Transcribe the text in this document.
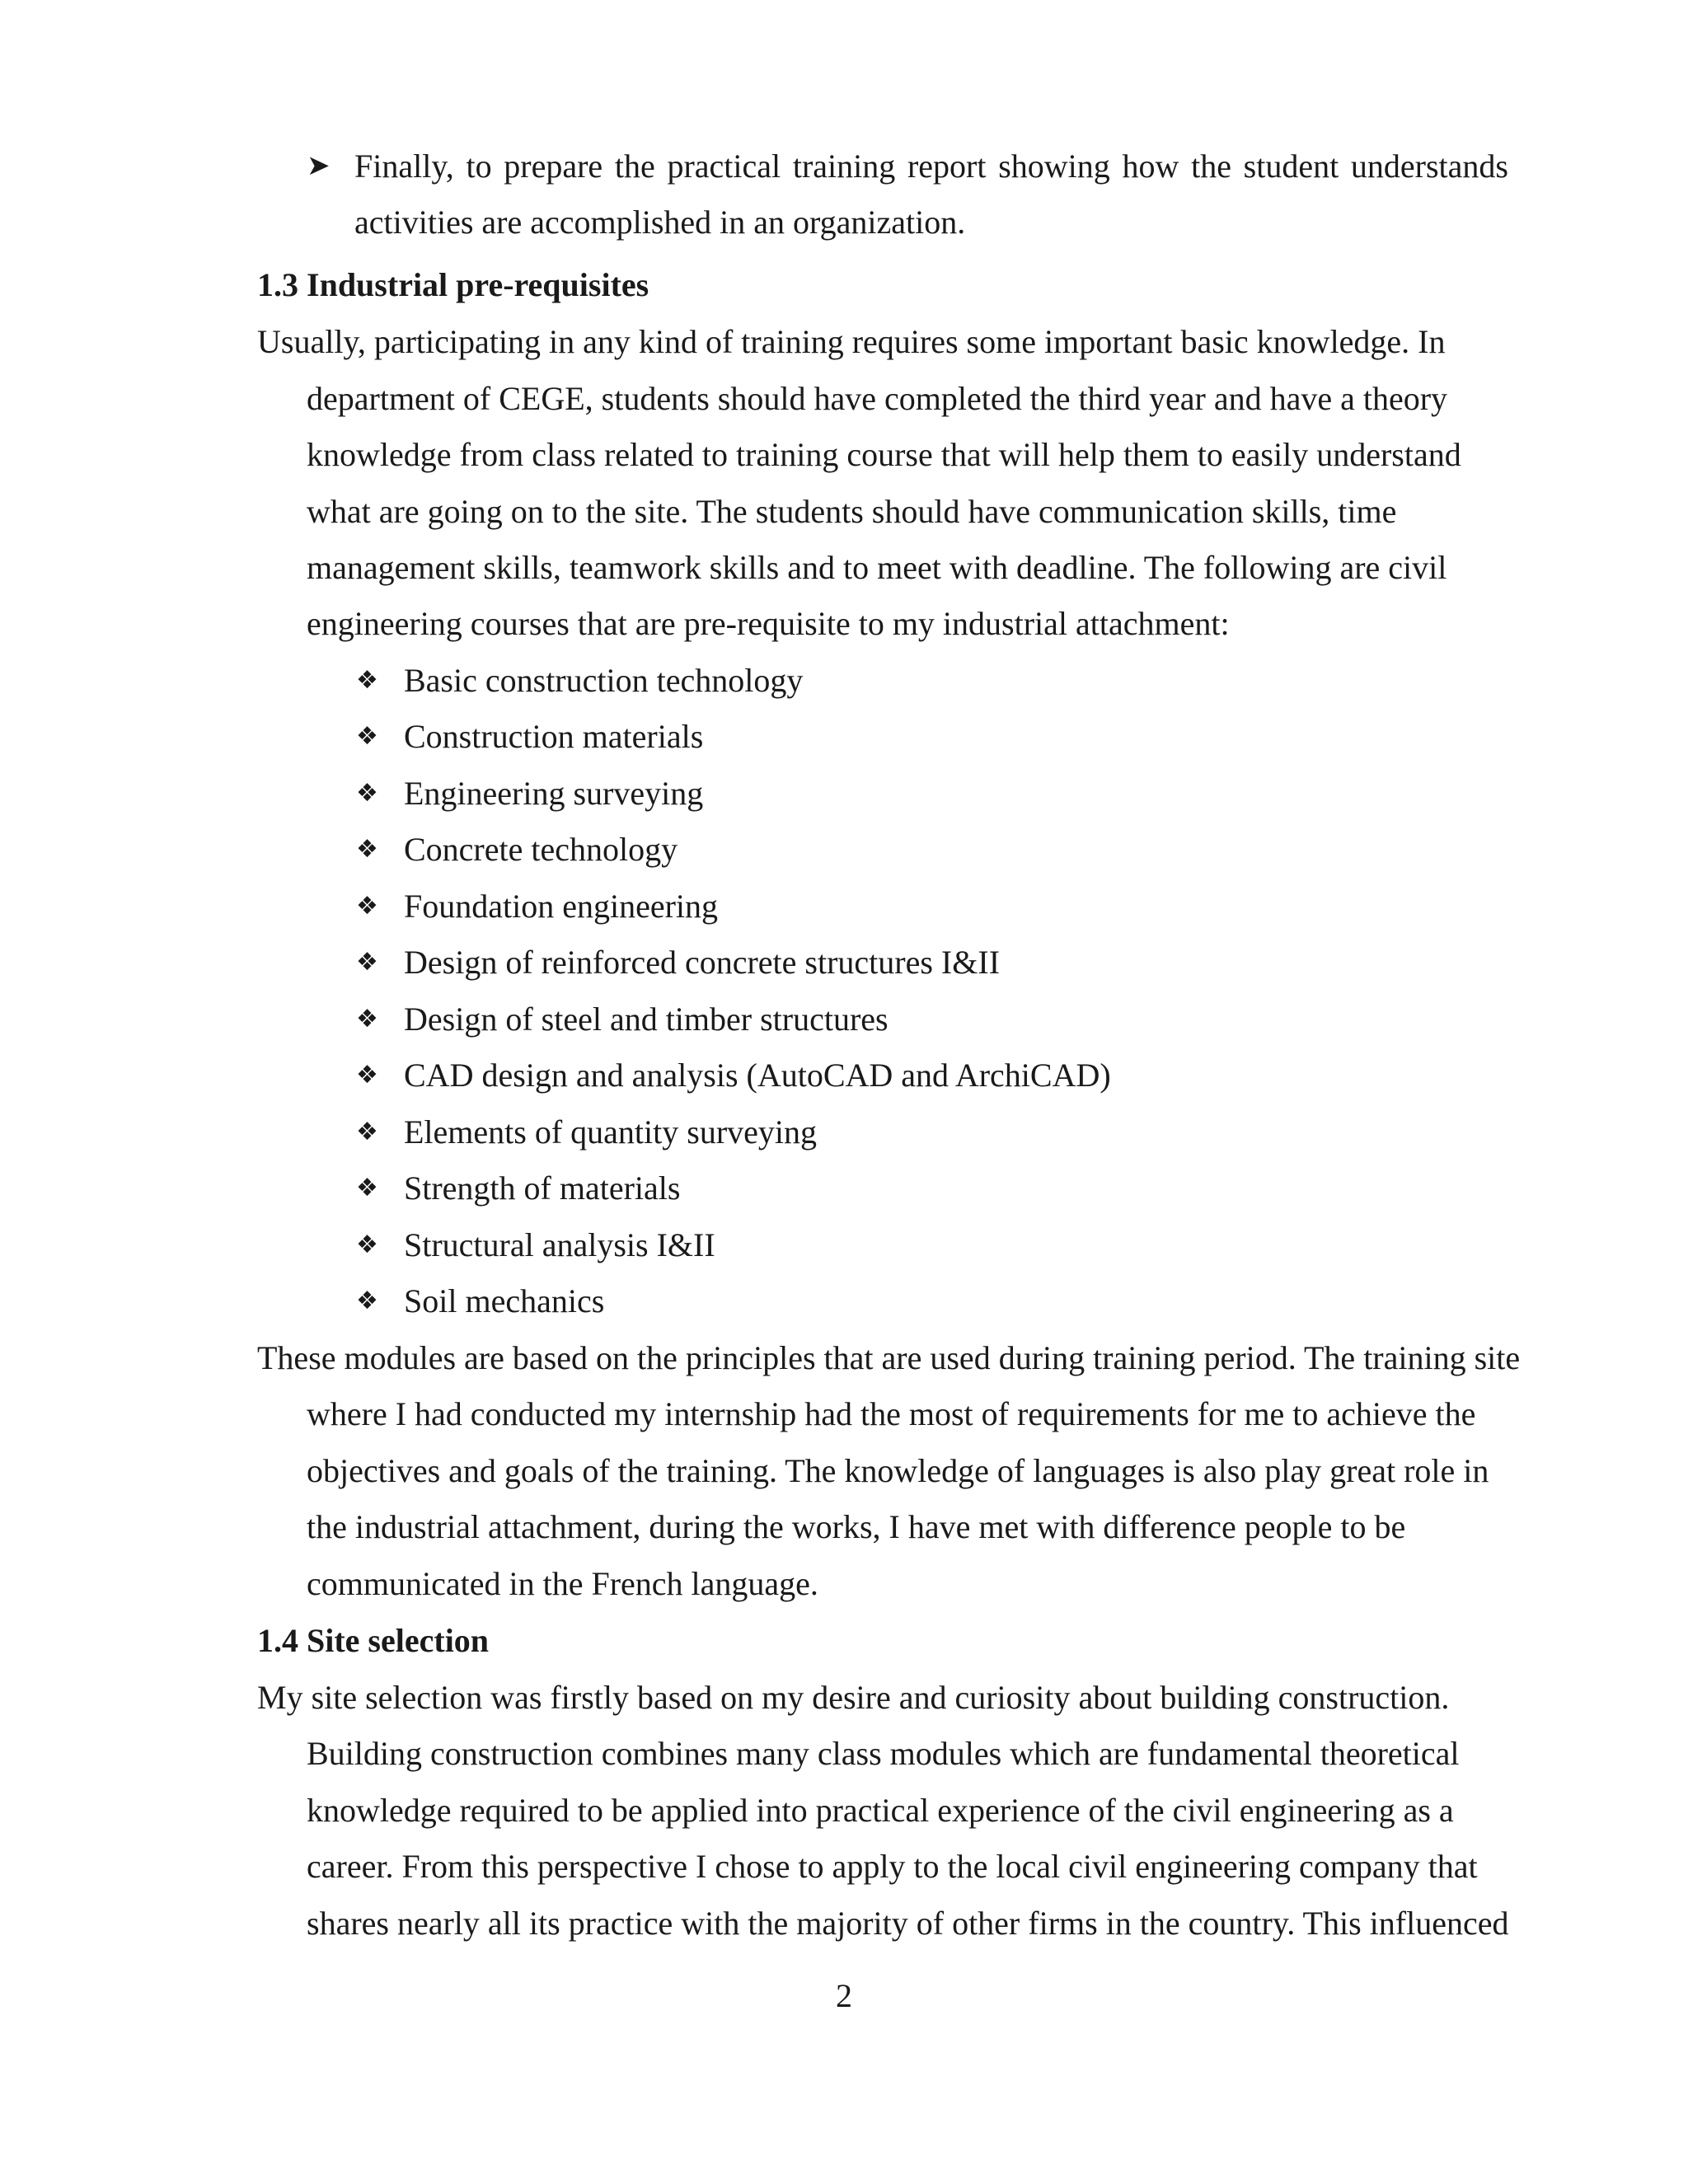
➤ Finally, to prepare the practical training report showing how the student understands
activities are accomplished in an organization.
1.3 Industrial pre-requisites
Usually, participating in any kind of training requires some important basic knowledge. In
department of CEGE, students should have completed the third year and have a theory
knowledge from class related to training course that will help them to easily understand
what are going on to the site. The students should have communication skills, time
management skills, teamwork skills and to meet with deadline. The following are civil
engineering courses that are pre-requisite to my industrial attachment:
❖ Basic construction technology
❖ Construction materials
❖ Engineering surveying
❖ Concrete technology
❖ Foundation engineering
❖ Design of reinforced concrete structures I&II
❖ Design of steel and timber structures
❖ CAD design and analysis (AutoCAD and ArchiCAD)
❖ Elements of quantity surveying
❖ Strength of materials
❖ Structural analysis I&II
❖ Soil mechanics
These modules are based on the principles that are used during training period. The training site
where I had conducted my internship had the most of requirements for me to achieve the
objectives and goals of the training. The knowledge of languages is also play great role in
the industrial attachment, during the works, I have met with difference people to be
communicated in the French language.
1.4 Site selection
My site selection was firstly based on my desire and curiosity about building construction.
Building construction combines many class modules which are fundamental theoretical
knowledge required to be applied into practical experience of the civil engineering as a
career. From this perspective I chose to apply to the local civil engineering company that
shares nearly all its practice with the majority of other firms in the country. This influenced
2
